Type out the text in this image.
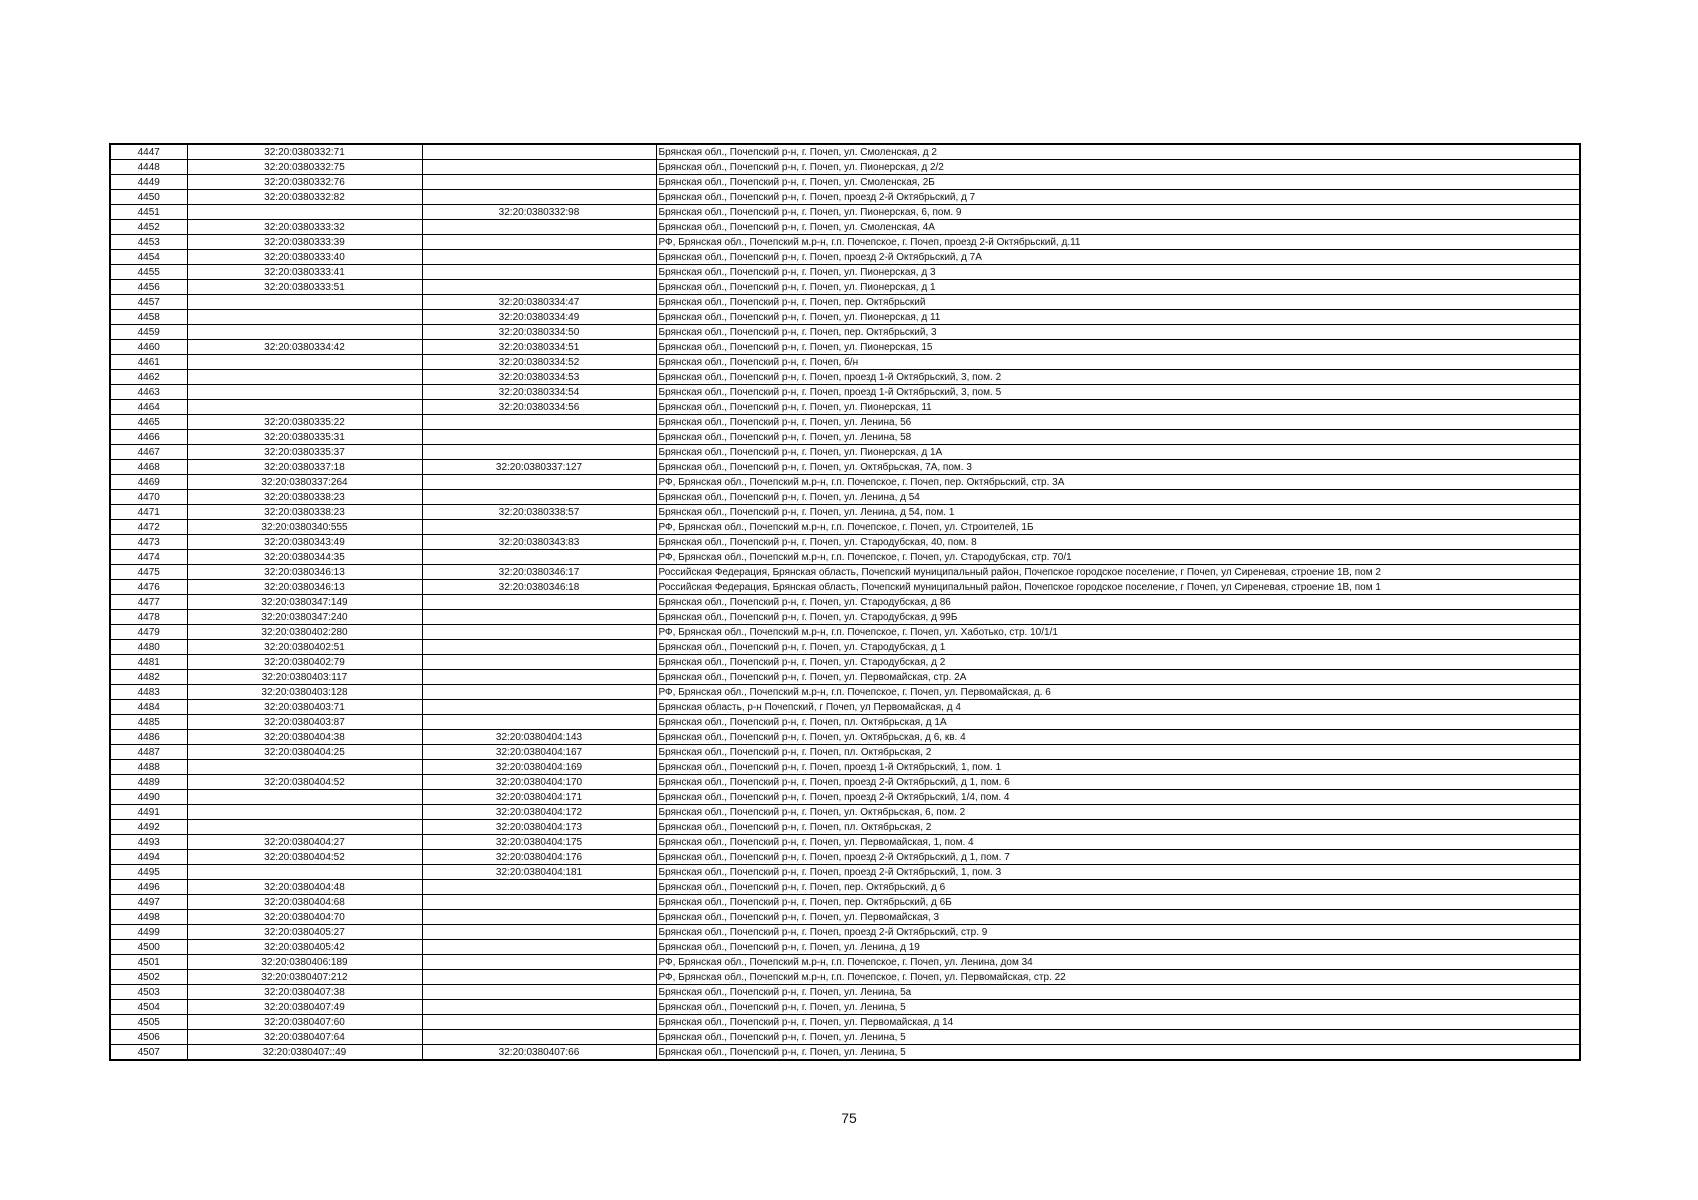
4447	32:20:0380332:71		Брянская обл., Почепский р-н, г. Почеп, ул. Смоленская, д 2
4448	32:20:0380332:75		Брянская обл., Почепский р-н, г. Почеп, ул. Пионерская, д 2/2
4449	32:20:0380332:76		Брянская обл., Почепский р-н, г. Почеп, ул. Смоленская, 2Б
4450	32:20:0380332:82		Брянская обл., Почепский р-н, г. Почеп, проезд 2-й Октябрьский, д 7
4451		32:20:0380332:98	Брянская обл., Почепский р-н, г. Почеп, ул. Пионерская, 6, пом. 9
4452	32:20:0380333:32		Брянская обл., Почепский р-н, г. Почеп, ул. Смоленская, 4А
4453	32:20:0380333:39		РФ, Брянская обл., Почепский м.р-н, г.п. Почепское, г. Почеп, проезд 2-й Октябрьский, д.11
4454	32:20:0380333:40		Брянская обл., Почепский р-н, г. Почеп, проезд 2-й Октябрьский, д 7А
4455	32:20:0380333:41		Брянская обл., Почепский р-н, г. Почеп, ул. Пионерская, д 3
4456	32:20:0380333:51		Брянская обл., Почепский р-н, г. Почеп, ул. Пионерская, д 1
4457		32:20:0380334:47	Брянская обл., Почепский р-н, г. Почеп, пер. Октябрьский
4458		32:20:0380334:49	Брянская обл., Почепский р-н, г. Почеп, ул. Пионерская, д 11
4459		32:20:0380334:50	Брянская обл., Почепский р-н, г. Почеп, пер. Октябрьский, 3
4460	32:20:0380334:42	32:20:0380334:51	Брянская обл., Почепский р-н, г. Почеп, ул. Пионерская, 15
4461		32:20:0380334:52	Брянская обл., Почепский р-н, г. Почеп, б/н
4462		32:20:0380334:53	Брянская обл., Почепский р-н, г. Почеп, проезд 1-й Октябрьский, 3, пом. 2
4463		32:20:0380334:54	Брянская обл., Почепский р-н, г. Почеп, проезд 1-й Октябрьский, 3, пом. 5
4464		32:20:0380334:56	Брянская обл., Почепский р-н, г. Почеп, ул. Пионерская, 11
4465	32:20:0380335:22		Брянская обл., Почепский р-н, г. Почеп, ул. Ленина, 56
4466	32:20:0380335:31		Брянская обл., Почепский р-н, г. Почеп, ул. Ленина, 58
4467	32:20:0380335:37		Брянская обл., Почепский р-н, г. Почеп, ул. Пионерская, д 1А
4468	32:20:0380337:18	32:20:0380337:127	Брянская обл., Почепский р-н, г. Почеп, ул. Октябрьская, 7А, пом. 3
4469	32:20:0380337:264		РФ, Брянская обл., Почепский м.р-н, г.п. Почепское, г. Почеп, пер. Октябрьский, стр. 3А
4470	32:20:0380338:23		Брянская обл., Почепский р-н, г. Почеп, ул. Ленина, д 54
4471	32:20:0380338:23	32:20:0380338:57	Брянская обл., Почепский р-н, г. Почеп, ул. Ленина, д 54, пом. 1
4472	32:20:0380340:555		РФ, Брянская обл., Почепский м.р-н, г.п. Почепское, г. Почеп, ул. Строителей, 1Б
4473	32:20:0380343:49	32:20:0380343:83	Брянская обл., Почепский р-н, г. Почеп, ул. Стародубская, 40, пом. 8
4474	32:20:0380344:35		РФ, Брянская обл., Почепский м.р-н, г.п. Почепское, г. Почеп, ул. Стародубская, стр. 70/1
4475	32:20:0380346:13	32:20:0380346:17	Российская Федерация, Брянская область, Почепский муниципальный район, Почепское городское поселение, г Почеп, ул Сиреневая, строение 1В, пом 2
4476	32:20:0380346:13	32:20:0380346:18	Российская Федерация, Брянская область, Почепский муниципальный район, Почепское городское поселение, г Почеп, ул Сиреневая, строение 1В, пом 1
4477	32:20:0380347:149		Брянская обл., Почепский р-н, г. Почеп, ул. Стародубская, д 86
4478	32:20:0380347:240		Брянская обл., Почепский р-н, г. Почеп, ул. Стародубская, д 99Б
4479	32:20:0380402:280		РФ, Брянская обл., Почепский м.р-н, г.п. Почепское, г. Почеп, ул. Хаботько, стр. 10/1/1
4480	32:20:0380402:51		Брянская обл., Почепский р-н, г. Почеп, ул. Стародубская, д 1
4481	32:20:0380402:79		Брянская обл., Почепский р-н, г. Почеп, ул. Стародубская, д 2
4482	32:20:0380403:117		Брянская обл., Почепский р-н, г. Почеп, ул. Первомайская, стр. 2А
4483	32:20:0380403:128		РФ, Брянская обл., Почепский м.р-н, г.п. Почепское, г. Почеп, ул. Первомайская, д. 6
4484	32:20:0380403:71		Брянская область, р-н Почепский, г Почеп, ул Первомайская, д 4
4485	32:20:0380403:87		Брянская обл., Почепский р-н, г. Почеп, пл. Октябрьская, д 1А
4486	32:20:0380404:38	32:20:0380404:143	Брянская обл., Почепский р-н, г. Почеп, ул. Октябрьская, д 6, кв. 4
4487	32:20:0380404:25	32:20:0380404:167	Брянская обл., Почепский р-н, г. Почеп, пл. Октябрьская, 2
4488		32:20:0380404:169	Брянская обл., Почепский р-н, г. Почеп, проезд 1-й Октябрьский, 1, пом. 1
4489	32:20:0380404:52	32:20:0380404:170	Брянская обл., Почепский р-н, г. Почеп, проезд 2-й Октябрьский, д 1, пом. 6
4490		32:20:0380404:171	Брянская обл., Почепский р-н, г. Почеп, проезд 2-й Октябрьский, 1/4, пом. 4
4491		32:20:0380404:172	Брянская обл., Почепский р-н, г. Почеп, ул. Октябрьская, 6, пом. 2
4492		32:20:0380404:173	Брянская обл., Почепский р-н, г. Почеп, пл. Октябрьская, 2
4493	32:20:0380404:27	32:20:0380404:175	Брянская обл., Почепский р-н, г. Почеп, ул. Первомайская, 1, пом. 4
4494	32:20:0380404:52	32:20:0380404:176	Брянская обл., Почепский р-н, г. Почеп, проезд 2-й Октябрьский, д 1, пом. 7
4495		32:20:0380404:181	Брянская обл., Почепский р-н, г. Почеп, проезд 2-й Октябрьский, 1, пом. 3
4496	32:20:0380404:48		Брянская обл., Почепский р-н, г. Почеп, пер. Октябрьский, д 6
4497	32:20:0380404:68		Брянская обл., Почепский р-н, г. Почеп, пер. Октябрьский, д 6Б
4498	32:20:0380404:70		Брянская обл., Почепский р-н, г. Почеп, ул. Первомайская, 3
4499	32:20:0380405:27		Брянская обл., Почепский р-н, г. Почеп, проезд 2-й Октябрьский, стр. 9
4500	32:20:0380405:42		Брянская обл., Почепский р-н, г. Почеп, ул. Ленина, д 19
4501	32:20:0380406:189		РФ, Брянская обл., Почепский м.р-н, г.п. Почепское, г. Почеп, ул. Ленина, дом 34
4502	32:20:0380407:212		РФ, Брянская обл., Почепский м.р-н, г.п. Почепское, г. Почеп, ул. Первомайская, стр. 22
4503	32:20:0380407:38		Брянская обл., Почепский р-н, г. Почеп, ул. Ленина, 5а
4504	32:20:0380407:49		Брянская обл., Почепский р-н, г. Почеп, ул. Ленина, 5
4505	32:20:0380407:60		Брянская обл., Почепский р-н, г. Почеп, ул. Первомайская, д 14
4506	32:20:0380407:64		Брянская обл., Почепский р-н, г. Почеп, ул. Ленина, 5
4507	32:20:0380407::49	32:20:0380407:66	Брянская обл., Почепский р-н, г. Почеп, ул. Ленина, 5
75
